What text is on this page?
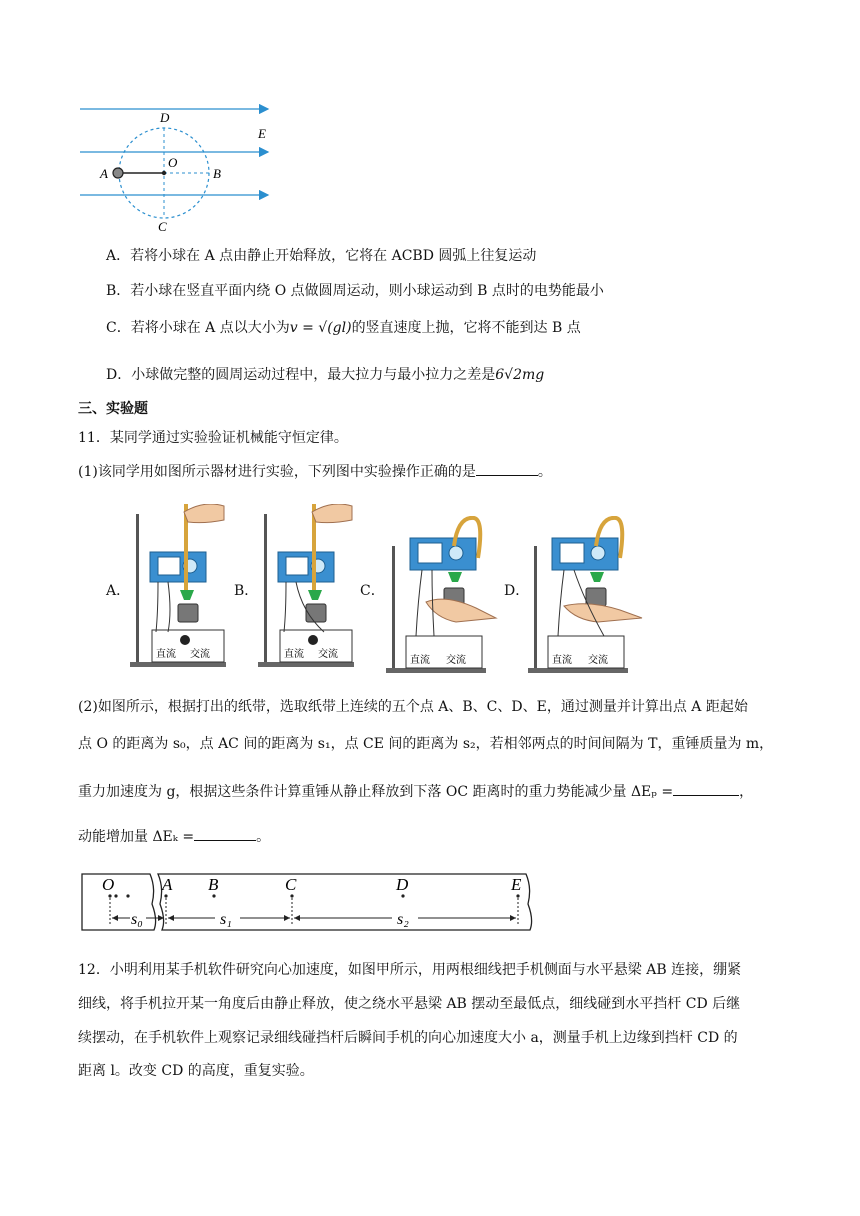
D
E
O
A	B
C
A．若将小球在 A 点由静止开始释放，它将在 ACBD 圆弧上往复运动
B．若小球在竖直平面内绕 O 点做圆周运动，则小球运动到 B 点时的电势能最小
C．若将小球在 A 点以大小为v = √(gl)的竖直速度上抛，它将不能到达 B 点
D．小球做完整的圆周运动过程中，最大拉力与最小拉力之差是6√2mg
三、实验题
11．某同学通过实验验证机械能守恒定律。
(1)该同学用如图所示器材进行实验，下列图中实验操作正确的是	。
A．
直流 交流
B．
直流 交流
C．
直流 交流
D．
直流 交流
(2)如图所示，根据打出的纸带，选取纸带上连续的五个点 A、B、C、D、E，通过测量并计算出点 A 距起始
点 O 的距离为 s₀，点 AC 间的距离为 s₁，点 CE 间的距离为 s₂，若相邻两点的时间间隔为 T，重锤质量为 m，
重力加速度为 g，根据这些条件计算重锤从静止释放到下落 OC 距离时的重力势能减少量 ΔEₚ =	，
动能增加量 ΔEₖ =	。
O	A B	C	D	E
s₀	s₁	s₂
12．小明利用某手机软件研究向心加速度，如图甲所示，用两根细线把手机侧面与水平悬梁 AB 连接，绷紧
细线，将手机拉开某一角度后由静止释放，使之绕水平悬梁 AB 摆动至最低点，细线碰到水平挡杆 CD 后继
续摆动，在手机软件上观察记录细线碰挡杆后瞬间手机的向心加速度大小 a，测量手机上边缘到挡杆 CD 的
距离 l。改变 CD 的高度，重复实验。
